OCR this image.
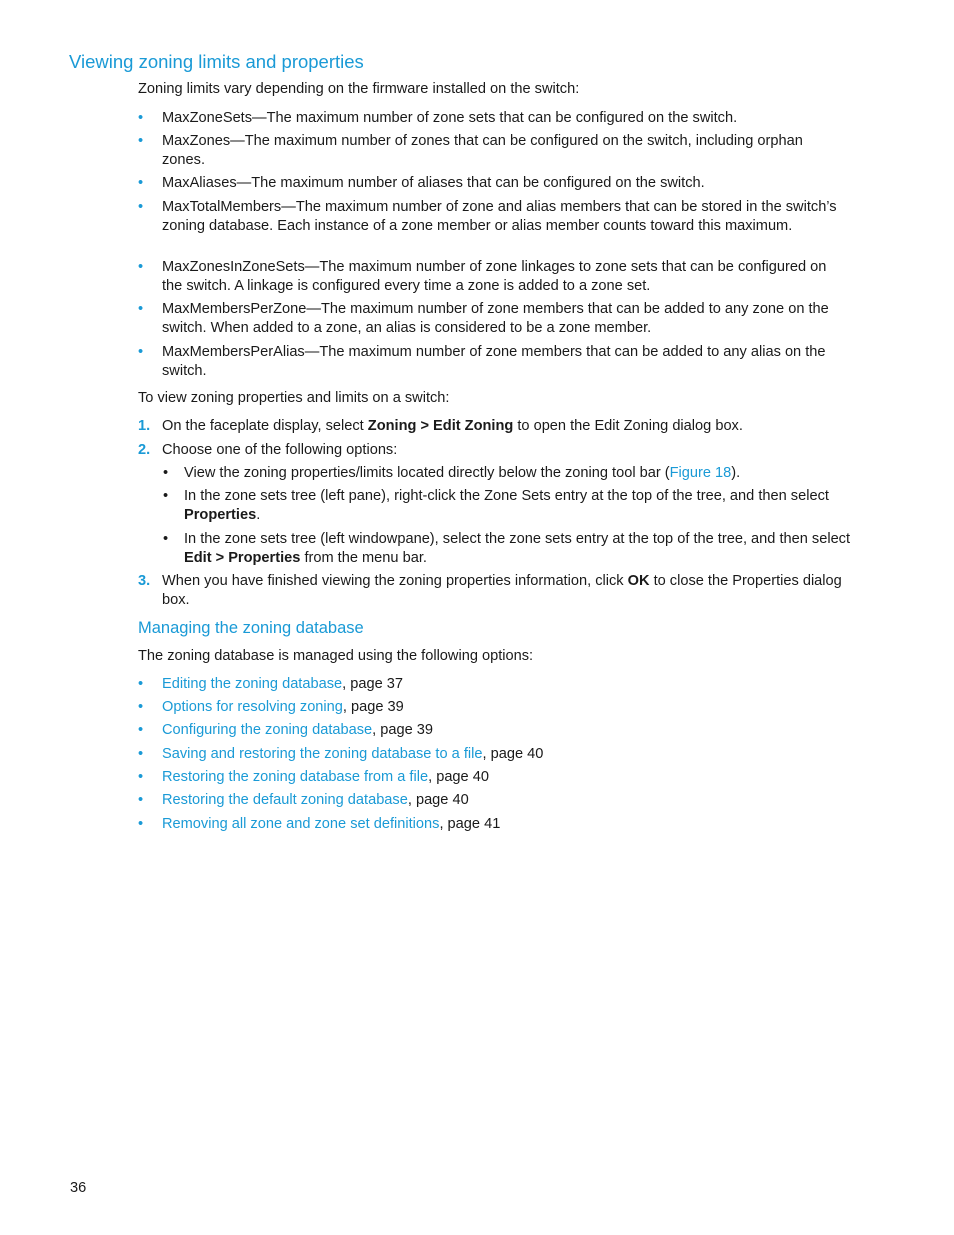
Viewing zoning limits and properties

Zoning limits vary depending on the firmware installed on the switch:

• MaxZoneSets—The maximum number of zone sets that can be configured on the switch.
• MaxZones—The maximum number of zones that can be configured on the switch, including orphan zones.
• MaxAliases—The maximum number of aliases that can be configured on the switch.
• MaxTotalMembers—The maximum number of zone and alias members that can be stored in the switch’s zoning database. Each instance of a zone member or alias member counts toward this maximum.
• MaxZonesInZoneSets—The maximum number of zone linkages to zone sets that can be configured on the switch. A linkage is configured every time a zone is added to a zone set.
• MaxMembersPerZone—The maximum number of zone members that can be added to any zone on the switch. When added to a zone, an alias is considered to be a zone member.
• MaxMembersPerAlias—The maximum number of zone members that can be added to any alias on the switch.

To view zoning properties and limits on a switch:

1. On the faceplate display, select Zoning > Edit Zoning to open the Edit Zoning dialog box.
2. Choose one of the following options:
• View the zoning properties/limits located directly below the zoning tool bar (Figure 18).
• In the zone sets tree (left pane), right-click the Zone Sets entry at the top of the tree, and then select Properties.
• In the zone sets tree (left windowpane), select the zone sets entry at the top of the tree, and then select Edit > Properties from the menu bar.
3. When you have finished viewing the zoning properties information, click OK to close the Properties dialog box.
Managing the zoning database

The zoning database is managed using the following options:

• Editing the zoning database, page 37
• Options for resolving zoning, page 39
• Configuring the zoning database, page 39
• Saving and restoring the zoning database to a file, page 40
• Restoring the zoning database from a file, page 40
• Restoring the default zoning database, page 40
• Removing all zone and zone set definitions, page 41
36
